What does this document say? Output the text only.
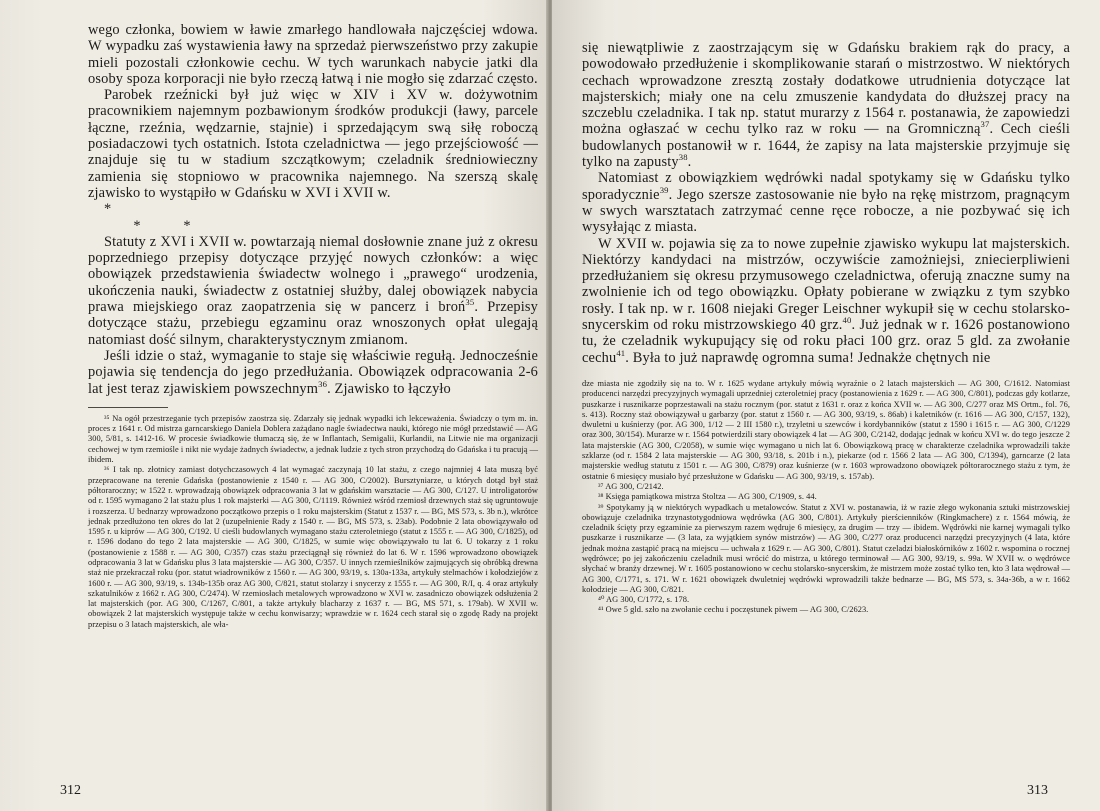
wego członka, bowiem w ławie zmarłego handlowała najczęściej wdowa. W wypadku zaś wystawienia ławy na sprzedaż pierwszeństwo przy zakupie mieli pozostali członkowie cechu. W tych warunkach nabycie jatki dla osoby spoza korporacji nie było rzeczą łatwą i nie mogło się zdarzać często.

Parobek rzeźnicki był już więc w XIV i XV w. dożywotnim pracownikiem najemnym pozbawionym środków produkcji (ławy, parcele łączne, rzeźnia, wędzarnie, stajnie) i sprzedającym swą siłę roboczą posiadaczowi tych ostatnich. Istota czeladnictwa — jego przejściowość — znajduje się tu w stadium szczątkowym; czeladnik średniowieczny zamienia się stopniowo w pracownika najemnego. Na szerszą skalę zjawisko to wystąpiło w Gdańsku w XVI i XVII w.

*

*	*

Statuty z XVI i XVII w. powtarzają niemal dosłownie znane już z okresu poprzedniego przepisy dotyczące przyjęć nowych członków: a więc obowiązek przedstawienia świadectw wolnego i „prawego“ urodzenia, ukończenia nauki, świadectw z ostatniej służby, dalej obowiązek nabycia prawa miejskiego oraz zaopatrzenia się w pancerz i broń$^{35}$. Przepisy dotyczące stażu, przebiegu egzaminu oraz wnoszonych opłat ulegają natomiast dość silnym, charakterystycznym zmianom.

Jeśli idzie o staż, wymaganie to staje się właściwie regułą. Jednocześnie pojawia się tendencja do jego przedłużania. Obowiązek odpracowania 2-6 lat jest teraz zjawiskiem powszechnym$^{36}$. Zjawisko to łączyło

³⁵ Na ogół przestrzeganie tych przepisów zaostrza się. Zdarzały się jednak wypadki ich lekceważenia. Świadczy o tym m. in. proces z 1641 r. Od mistrza garncarskiego Daniela Doblera zażądano nagle świadectwa nauki, którego nie mógł przedstawić — AG 300, 5/81, s. 1412-16. W procesie świadkowie tłumaczą się, że w Inflantach, Semigalii, Kurlandii, na Litwie nie ma organizacji cechowej w tym rzemiośle i nikt nie wydaje żadnych świadectw, a jednak ludzie z tych stron przychodzą do Gdańska i tu pracują — ibidem.

³⁶ I tak np. złotnicy zamiast dotychczasowych 4 lat wymagać zaczynają 10 lat stażu, z czego najmniej 4 lata muszą być przepracowane na terenie Gdańska (postanowienie z 1540 r. — AG 300, C/2002). Bursztyniarze, u których dotąd był staż półtoraroczny; w 1522 r. wprowadzają obowiązek odpracowania 3 lat w gdańskim warsztacie — AG 300, C/127. U introligatorów od r. 1595 wymagano 2 lat stażu plus 1 rok majsterki — AG 300, C/1119. Również wśród rzemiosł drzewnych staż się ugruntowuje i rozszerza. U bednarzy wprowadzono początkowo przepis o 1 roku majsterskim (Statut z 1537 r. — BG, MS 573, s. 3b n.), wkrótce jednak przedłużono ten okres do lat 2 (uzupełnienie Rady z 1540 r. — BG, MS 573, s. 23ab). Podobnie 2 lata obowiązywało od 1595 r. u kiprów — AG 300, C/192. U cieśli budowlanych wymagano stażu czteroletniego (statut z 1555 r. — AG 300, C/1825), od r. 1596 dodano do tego 2 lata majsterskie — AG 300, C/1825, w sumie więc obowiązywało tu lat 6. U tokarzy z 1 roku (postanowienie z 1588 r. — AG 300, C/357) czas stażu przeciągnął się również do lat 6. W r. 1596 wprowadzono obowiązek odpracowania 3 lat w Gdańsku plus 3 lata majsterskie — AG 300, C/357. U innych rzemieślników zajmujących się obróbką drewna staż nie przekraczał roku (por. statut wiadrowników z 1560 r. — AG 300, 93/19, s. 130a-133a, artykuły stelmachów i kołodziejów z 1600 r. — AG 300, 93/19, s. 134b-135b oraz AG 300, C/821, statut stolarzy i snycerzy z 1555 r. — AG 300, R/I, q. 4 oraz artykuły szkatulników z 1662 r. AG 300, C/2474). W rzemiosłach metalowych wprowadzono w XVI w. zasadniczo obowiązek odsłużenia 2 lat majsterskich (por. AG 300, C/1267, C/801, a także artykuły blacharzy z 1637 r. — BG, MS 571, s. 179ab). W XVII w. obowiązek 2 lat majsterskich występuje także w cechu konwisarzy; wprawdzie w r. 1624 cech starał się o zgodę Rady na projekt przepisu o 3 latach majsterskich, ale wła-

312

się niewątpliwie z zaostrzającym się w Gdańsku brakiem rąk do pracy, a powodowało przedłużenie i skomplikowanie starań o mistrzostwo. W niektórych cechach wprowadzone zresztą zostały dodatkowe utrudnienia dotyczące lat majsterskich; miały one na celu zmuszenie kandydata do dłuższej pracy na szczeblu czeladnika. I tak np. statut murarzy z 1564 r. postanawia, że zapowiedzi można ogłaszać w cechu tylko raz w roku — na Gromniczną$^{37}$. Cech cieśli budowlanych postanowił w r. 1644, że zapisy na lata majsterskie przyjmuje się tylko na zapusty$^{38}$.

Natomiast z obowiązkiem wędrówki nadal spotykamy się w Gdańsku tylko sporadycznie$^{39}$. Jego szersze zastosowanie nie było na rękę mistrzom, pragnącym w swych warsztatach zatrzymać cenne ręce robocze, a nie pozbywać się ich wysyłając z miasta.

W XVII w. pojawia się za to nowe zupełnie zjawisko wykupu lat majsterskich. Niektórzy kandydaci na mistrzów, oczywiście zamożniejsi, zniecierpliwieni przedłużaniem się okresu przymusowego czeladnictwa, oferują znaczne sumy na zwolnienie ich od tego obowiązku. Opłaty pobierane w związku z tym szybko rosły. I tak np. w r. 1608 niejaki Greger Leischner wykupił się w cechu stolarsko-snycerskim od roku mistrzowskiego 40 grz.$^{40}$. Już jednak w r. 1626 postanowiono tu, że czeladnik wykupujący się od roku płaci 100 grz. oraz 5 gld. za zwołanie cechu$^{41}$. Była to już naprawdę ogromna suma! Jednakże chętnych nie

dze miasta nie zgodziły się na to. W r. 1625 wydane artykuły mówią wyraźnie o 2 latach majsterskich — AG 300, C/1612. Natomiast producenci narzędzi precyzyjnych wymagali uprzedniej czteroletniej pracy (postanowienia z 1629 r. — AG 300, C/801), podczas gdy kotlarze, puszkarze i rusznikarze poprzestawali na stażu rocznym (por. statut z 1631 r. oraz z końca XVII w. — AG 300, C/277 oraz MS Ortm., fol. 76, s. 413). Roczny staż obowiązywał u garbarzy (por. statut z 1560 r. — AG 300, 93/19, s. 86ab) i kaletników (r. 1616 — AG 300, C/157, 132), dwuletni u kuśnierzy (por. AG 300, 1/12 — 2 III 1580 r.), trzyletni u szewców i kordybanników (statut z 1590 i 1615 r. — AG 300, C/1229 oraz 300, 30/154). Murarze w r. 1564 potwierdzili stary obowiązek 4 lat — AG 300, C/2142, dodając jednak w końcu XVI w. do tego jeszcze 2 lata majsterskie (AG 300, C/2058), w sumie więc wymagano u nich lat 6. Obowiązkową pracę w charakterze czeladnika wprowadzili także szklarze (od r. 1584 2 lata majsterskie — AG 300, 93/18, s. 201b i n.), piekarze (od r. 1566 2 lata — AG 300, C/1394), garncarze (2 lata majsterskie według statutu z 1501 r. — AG 300, C/879) oraz kuśnierze (w r. 1603 wprowadzono obowiązek półtorarocznego stażu z tym, że ostatnie 6 miesięcy musiało być przesłużone w Gdańsku — AG 300, 93/19, s. 157ab).

³⁷ AG 300, C/2142.

³⁸ Księga pamiątkowa mistrza Stoltza — AG 300, C/1909, s. 44.

³⁹ Spotykamy ją w niektórych wypadkach u metalowców. Statut z XVI w. postanawia, iż w razie złego wykonania sztuki mistrzowskiej obowiązuje czeladnika trzynastotygodniowa wędrówka (AG 300, C/801). Artykuły pierścienników (Ringkmachere) z r. 1564 mówią, że czeladnik ścięty przy egzaminie za pierwszym razem wędruje 6 miesięcy, za drugim — trzy — ibidem. Wędrówki nie karnej wymagali tylko puszkarze i rusznikarze — (3 lata, za wyjątkiem synów mistrzów) — AG 300, C/277 oraz producenci narzędzi precyzyjnych (4 lata, które jednak można zastąpić pracą na miejscu — uchwała z 1629 r. — AG 300, C/801). Statut czeladzi białoskórników z 1602 r. wspomina o rocznej wędrówce; po jej zakończeniu czeladnik musi wrócić do mistrza, u którego terminował — AG 300, 93/19, s. 99a. W XVII w. o wędrówce słychać w branży drzewnej. W r. 1605 postanowiono w cechu stolarsko-snycerskim, że mistrzem może zostać tylko ten, kto 3 lata wędrował — AG 300, C/1771, s. 171. W r. 1621 obowiązek dwuletniej wędrówki wprowadzili także bednarze — BG, MS 573, s. 34a-36b, a w r. 1662 kołodzieje — AG 300, C/821.

⁴⁰ AG 300, C/1772, s. 178.

⁴¹ Owe 5 gld. szło na zwołanie cechu i poczęstunek piwem — AG 300, C/2623.

313
